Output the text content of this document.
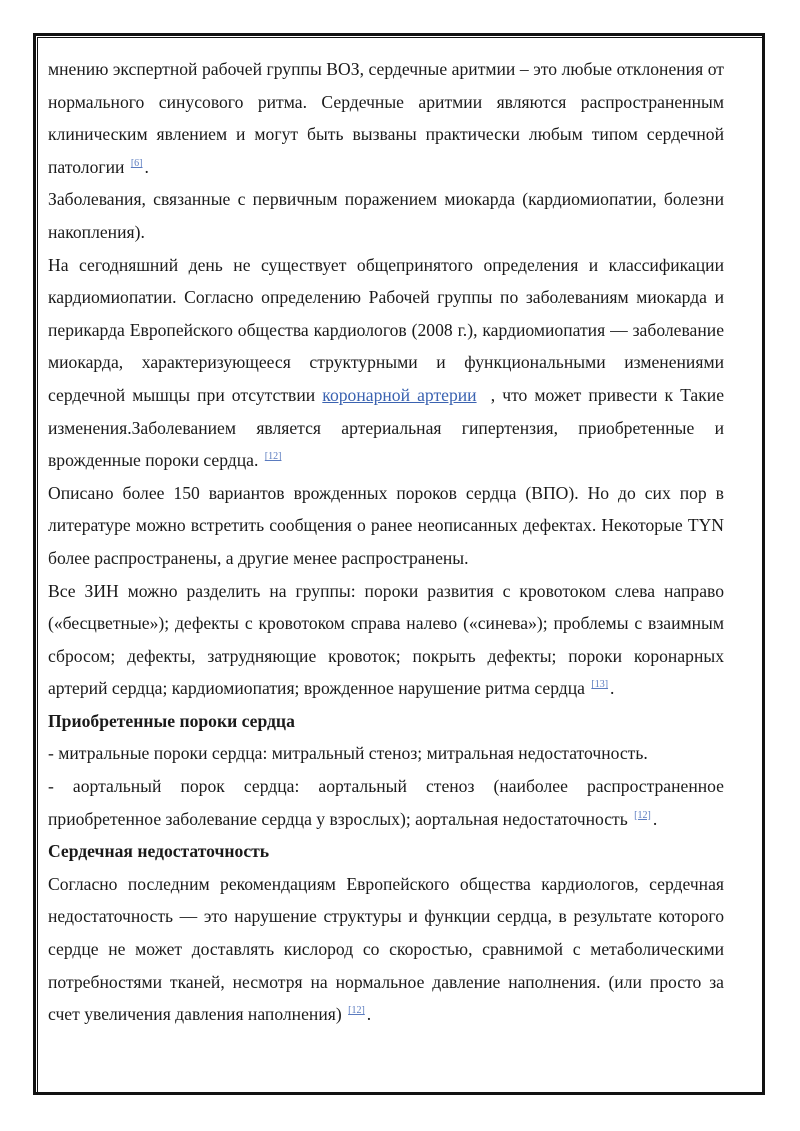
мнению экспертной рабочей группы ВОЗ, сердечные аритмии – это любые отклонения от нормального синусового ритма. Сердечные аритмии являются распространенным клиническим явлением и могут быть вызваны практически любым типом сердечной патологии [6] .

Заболевания, связанные с первичным поражением миокарда (кардиомиопатии, болезни накопления).

На сегодняшний день не существует общепринятого определения и классификации кардиомиопатии. Согласно определению Рабочей группы по заболеваниям миокарда и перикарда Европейского общества кардиологов (2008 г.), кардиомиопатия — заболевание миокарда, характеризующееся структурными и функциональными изменениями сердечной мышцы при отсутствии коронарной артерии , что может привести к Такие изменения.Заболеванием является артериальная гипертензия, приобретенные и врожденные пороки сердца. [12]

Описано более 150 вариантов врожденных пороков сердца (ВПО). Но до сих пор в литературе можно встретить сообщения о ранее неописанных дефектах. Некоторые TYN более распространены, а другие менее распространены.

Все ЗИН можно разделить на группы: пороки развития с кровотоком слева направо («бесцветные»); дефекты с кровотоком справа налево («синева»); проблемы с взаимным сбросом; дефекты, затрудняющие кровоток; покрыть дефекты; пороки коронарных артерий сердца; кардиомиопатия; врожденное нарушение ритма сердца [13] .

Приобретенные пороки сердца

- митральные пороки сердца: митральный стеноз; митральная недостаточность.

- аортальный порок сердца: аортальный стеноз (наиболее распространенное приобретенное заболевание сердца у взрослых); аортальная недостаточность [12] .

Сердечная недостаточность

Согласно последним рекомендациям Европейского общества кардиологов, сердечная недостаточность — это нарушение структуры и функции сердца, в результате которого сердце не может доставлять кислород со скоростью, сравнимой с метаболическими потребностями тканей, несмотря на нормальное давление наполнения. (или просто за счет увеличения давления наполнения) [12] .
